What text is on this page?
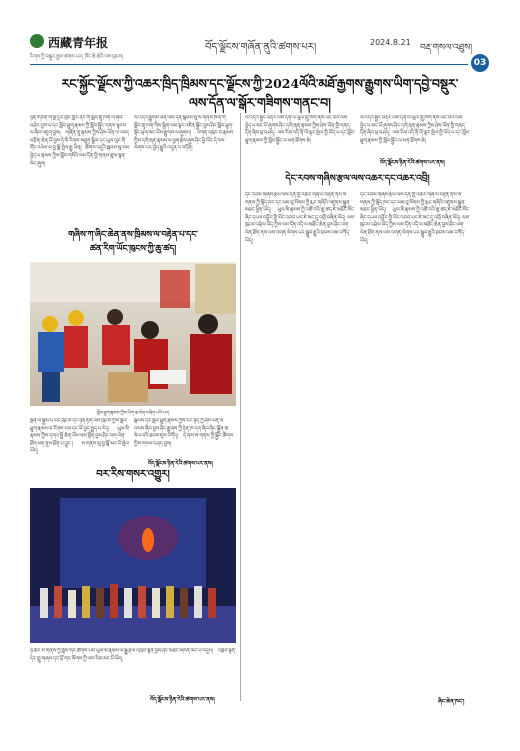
西藏青年报	བོད་ལྗོངས་གཞོན་ནུའི་ཚགས་པར།	2024.8.21
བརྡ་གསལ་འཐུས།
03
རིགས་ཀྱི་བསྐྱར་རྒྱས་ཚགས་པར། ཁོང་ཆེ་ཆེའི་ལས་ཁུངས།
རང་སྐྱོང་ལྗོངས་ཀྱི་འཆར་ཁྲིད་ཁྲིམས་དང་ལྗོངས་ཀྱི་2024ལོའི་མཐོ་རྒྱགས་རྒྱུགས་ཡིག་དབྱེ་བསྡུར་
ལས་དོན་ལ་སྒོར་གཟིགས་གནང་བ།
ཉིན་གཅིག་གི་སྔ་དྲོར་གྲོང་ཁྱེར་ནང་གི་སློབ་གྲྭ་ཁག་ལ་ཞིབ་བཤེར་བྱས་པ་དང་སློབ་ཕྲུག་རྣམས་ཀྱི་སློབ་སྦྱོང་གནས་སྟངས་ལ་ཞིབ་འཇུག་བྱས། གཞོན་ནུ་རྣམས་ཀྱིས་ཤེས་ཡོན་ལ་འབད་བརྩོན་ཆེན་པོ་བྱས་ཏེ་མི་རིགས་མཐུན་སྒྲིལ་དང་ཡུལ་ལུང་གི་གོང་འཕེལ་ལ་བྱ་སྒོ་སྤེལ་རྒྱུ་ཡིན། ཚོགས་འདུའི་སྐབས་སུ་ལས་བྱེད་པ་རྣམས་ཀྱིས་སློབ་གསོའི་ལས་དོན་གྱི་གནས་ཚུལ་སྙན་སེང་ཞུས།
ལོ་འདིའི་རྒྱུགས་ལེན་ལས་དོན་སྐབས་སུ་ས་གནས་ཁག་གི་སློབ་གྲྭ་ཁག་གིས་སྒྲིག་ལམ་ལྟར་འཛིན་སྐྱོང་བྱས་ཤིང་སློབ་ཕྲུག་སྟོང་ཕྲག་མང་པོས་རྒྱུགས་ལ་ཞུགས། འགན་འཁུར་བ་རྣམས་ཀྱིས་དགེ་རྒན་རྣམས་ལ་ཕྱག་རྗེས་ཞུས་ཤིང་ཕྱི་ལོར་དེ་བས་ལེགས་པར་བྱེད་རྒྱུའི་འདུན་པ་བཏོན།
གཞིས་ཀ་ཞིང་ཆེན་ནས་ཁྲིམས་ལ་བརྟེན་པ་དང་
ཚན་རིག་ཡོང་ཁུངས་ཀྱི་ཆུ་ཚད།
སློབ་ཕྲུག་རྣམས་ཀྱིས་ཡིག་ཆ་ལེན་བཞིན་པའི་པར།
སྔོན་ལ་སྐྱེས་པ་ཡོང་ཁུངས་དང་ཉེན་རྟོག་ལས་ཁུངས་ཀྱིས་སློབ་ཕྲུག་རྣམས་ལ་རོགས་རམ་དང་ཡོ་བྱད་སྤྲད་པ་རེད། ཡུལ་མི་རྣམས་ཀྱིས་དགའ་སྤྲོ་ཆེན་པོས་ལམ་སྟོན་བྱས་ཤིང་ལག་ལེན་ཐོག་ཕན་ནུས་ཐོན་པ་བྱུང་། ས་གནས་སུ་བྱ་སྒོ་མང་པོ་སྤེལ་ཡོད།
སྐབས་དེར་སློབ་ཕྲུག་རྣམས་ཀྱིས་རང་ཉིད་ཀྱི་ཤེས་ཡོན་ལ་བསམ་ཞིབ་བྱས་ཤིང་རྒྱུགས་ཀྱི་ཉེན་ཁ་དག་ཞིབ་ཞིང་སྐྱོན་ཆ་སེལ་བའི་ཐབས་ཇུས་བཀོད། དེ་ནས་ས་གནས་ཀྱི་སྐྱོང་ཚོགས་ཀྱིས་གསལ་བཤད་བྱས།
བོད་ལྗོངས་ཉིན་རེའི་ཚགས་པར་ནས།
བར་རིས་གསར་འགྱུར།
ཉེ་ཆར་ས་གནས་ཀྱི་ཟློས་གར་ཚོགས་པས་ཡུལ་མི་རྣམས་ལ་སྒྱུ་རྩལ་འཁྲབ་སྟོན་བྱས་ཤིང་མཐོང་མཁན་མང་པོ་འདུས། འཁྲབ་སྟོན་དེར་གླུ་གཞས་དང་བྲོ་གར་སོགས་ཀྱི་ལས་རིམ་མང་པོ་ཡོད།
བོད་ལྗོངས་ཉིན་རེའི་ཚགས་པར་ནས།
ལོ་འདིའི་སྦྱོང་བརྡར་ལས་དོན་ལ་ཡུལ་གྲུ་ཁག་ནས་ཡོང་བའི་ལས་བྱེད་པ་མང་པོ་ཞུགས་ཤིང་དགེ་རྒན་རྣམས་ཀྱིས་ཤེས་ཡོན་གྱི་གནད་དོན་ཞིབ་ཕྲ་བཤད། ལས་རིམ་འདི་ནི་ལོ་ལྟར་སྤེལ་གྱི་ཡོད་པ་དང་སློབ་ཕྲུག་རྣམས་ཀྱི་སློབ་སྦྱོང་ལ་ཕན་ཐོགས་ཆེ།
ལོ་འདིའི་སྦྱོང་བརྡར་ལས་དོན་ལ་ཡུལ་གྲུ་ཁག་ནས་ཡོང་བའི་ལས་བྱེད་པ་མང་པོ་ཞུགས་ཤིང་དགེ་རྒན་རྣམས་ཀྱིས་ཤེས་ཡོན་གྱི་གནད་དོན་ཞིབ་ཕྲ་བཤད། ལས་རིམ་འདི་ནི་ལོ་ལྟར་སྤེལ་གྱི་ཡོད་པ་དང་སློབ་ཕྲུག་རྣམས་ཀྱི་སློབ་སྦྱོང་ལ་ཕན་ཐོགས་ཆེ།
བོད་ལྗོངས་ཉིན་རེའི་ཚགས་པར་ནས།
དེང་རབས་གཞིས་རྩལ་ལས་འཆར་དང་འཆར་འབྲི།
དེང་རབས་གཞིས་རྩལ་ལས་དོན་གྱི་འཆར་གཞི་ལ་བརྟེན་ནས་ས་གནས་ཀྱི་སྡོད་ཁང་དང་ལམ་བུ་སོགས་ཀྱི་རྨང་གཞིའི་འཛུགས་སྐྲུན་མཐར་ཕྱིན་ཡོད། ཡུལ་མི་རྣམས་ཀྱི་འཚོ་བའི་ཆུ་ཚད་ཇེ་མཐོར་སོང་ཞིང་དཔལ་འབྱོར་གྱི་ཡོང་འབབ་ཡང་ཇེ་མང་དུ་འགྲོ་བཞིན་ཡོད། ལས་ཁུངས་འབྲེལ་ཡོད་ཀྱིས་ལས་དོན་འདི་ལ་མཐོང་ཆེན་བྱས་ཤིང་ལག་ལེན་ཐོག་ནས་ལས་འགན་ལེགས་པར་སྒྲུབ་རྒྱུའི་ཐབས་ལམ་བཀོད་ཡོད།
དེང་རབས་གཞིས་རྩལ་ལས་དོན་གྱི་འཆར་གཞི་ལ་བརྟེན་ནས་ས་གནས་ཀྱི་སྡོད་ཁང་དང་ལམ་བུ་སོགས་ཀྱི་རྨང་གཞིའི་འཛུགས་སྐྲུན་མཐར་ཕྱིན་ཡོད། ཡུལ་མི་རྣམས་ཀྱི་འཚོ་བའི་ཆུ་ཚད་ཇེ་མཐོར་སོང་ཞིང་དཔལ་འབྱོར་གྱི་ཡོང་འབབ་ཡང་ཇེ་མང་དུ་འགྲོ་བཞིན་ཡོད། ལས་ཁུངས་འབྲེལ་ཡོད་ཀྱིས་ལས་དོན་འདི་ལ་མཐོང་ཆེན་བྱས་ཤིང་ལག་ལེན་ཐོག་ནས་ལས་འགན་ལེགས་པར་སྒྲུབ་རྒྱུའི་ཐབས་ལམ་བཀོད་ཡོད།
ཞིང་ཆེན་ཁང་།
